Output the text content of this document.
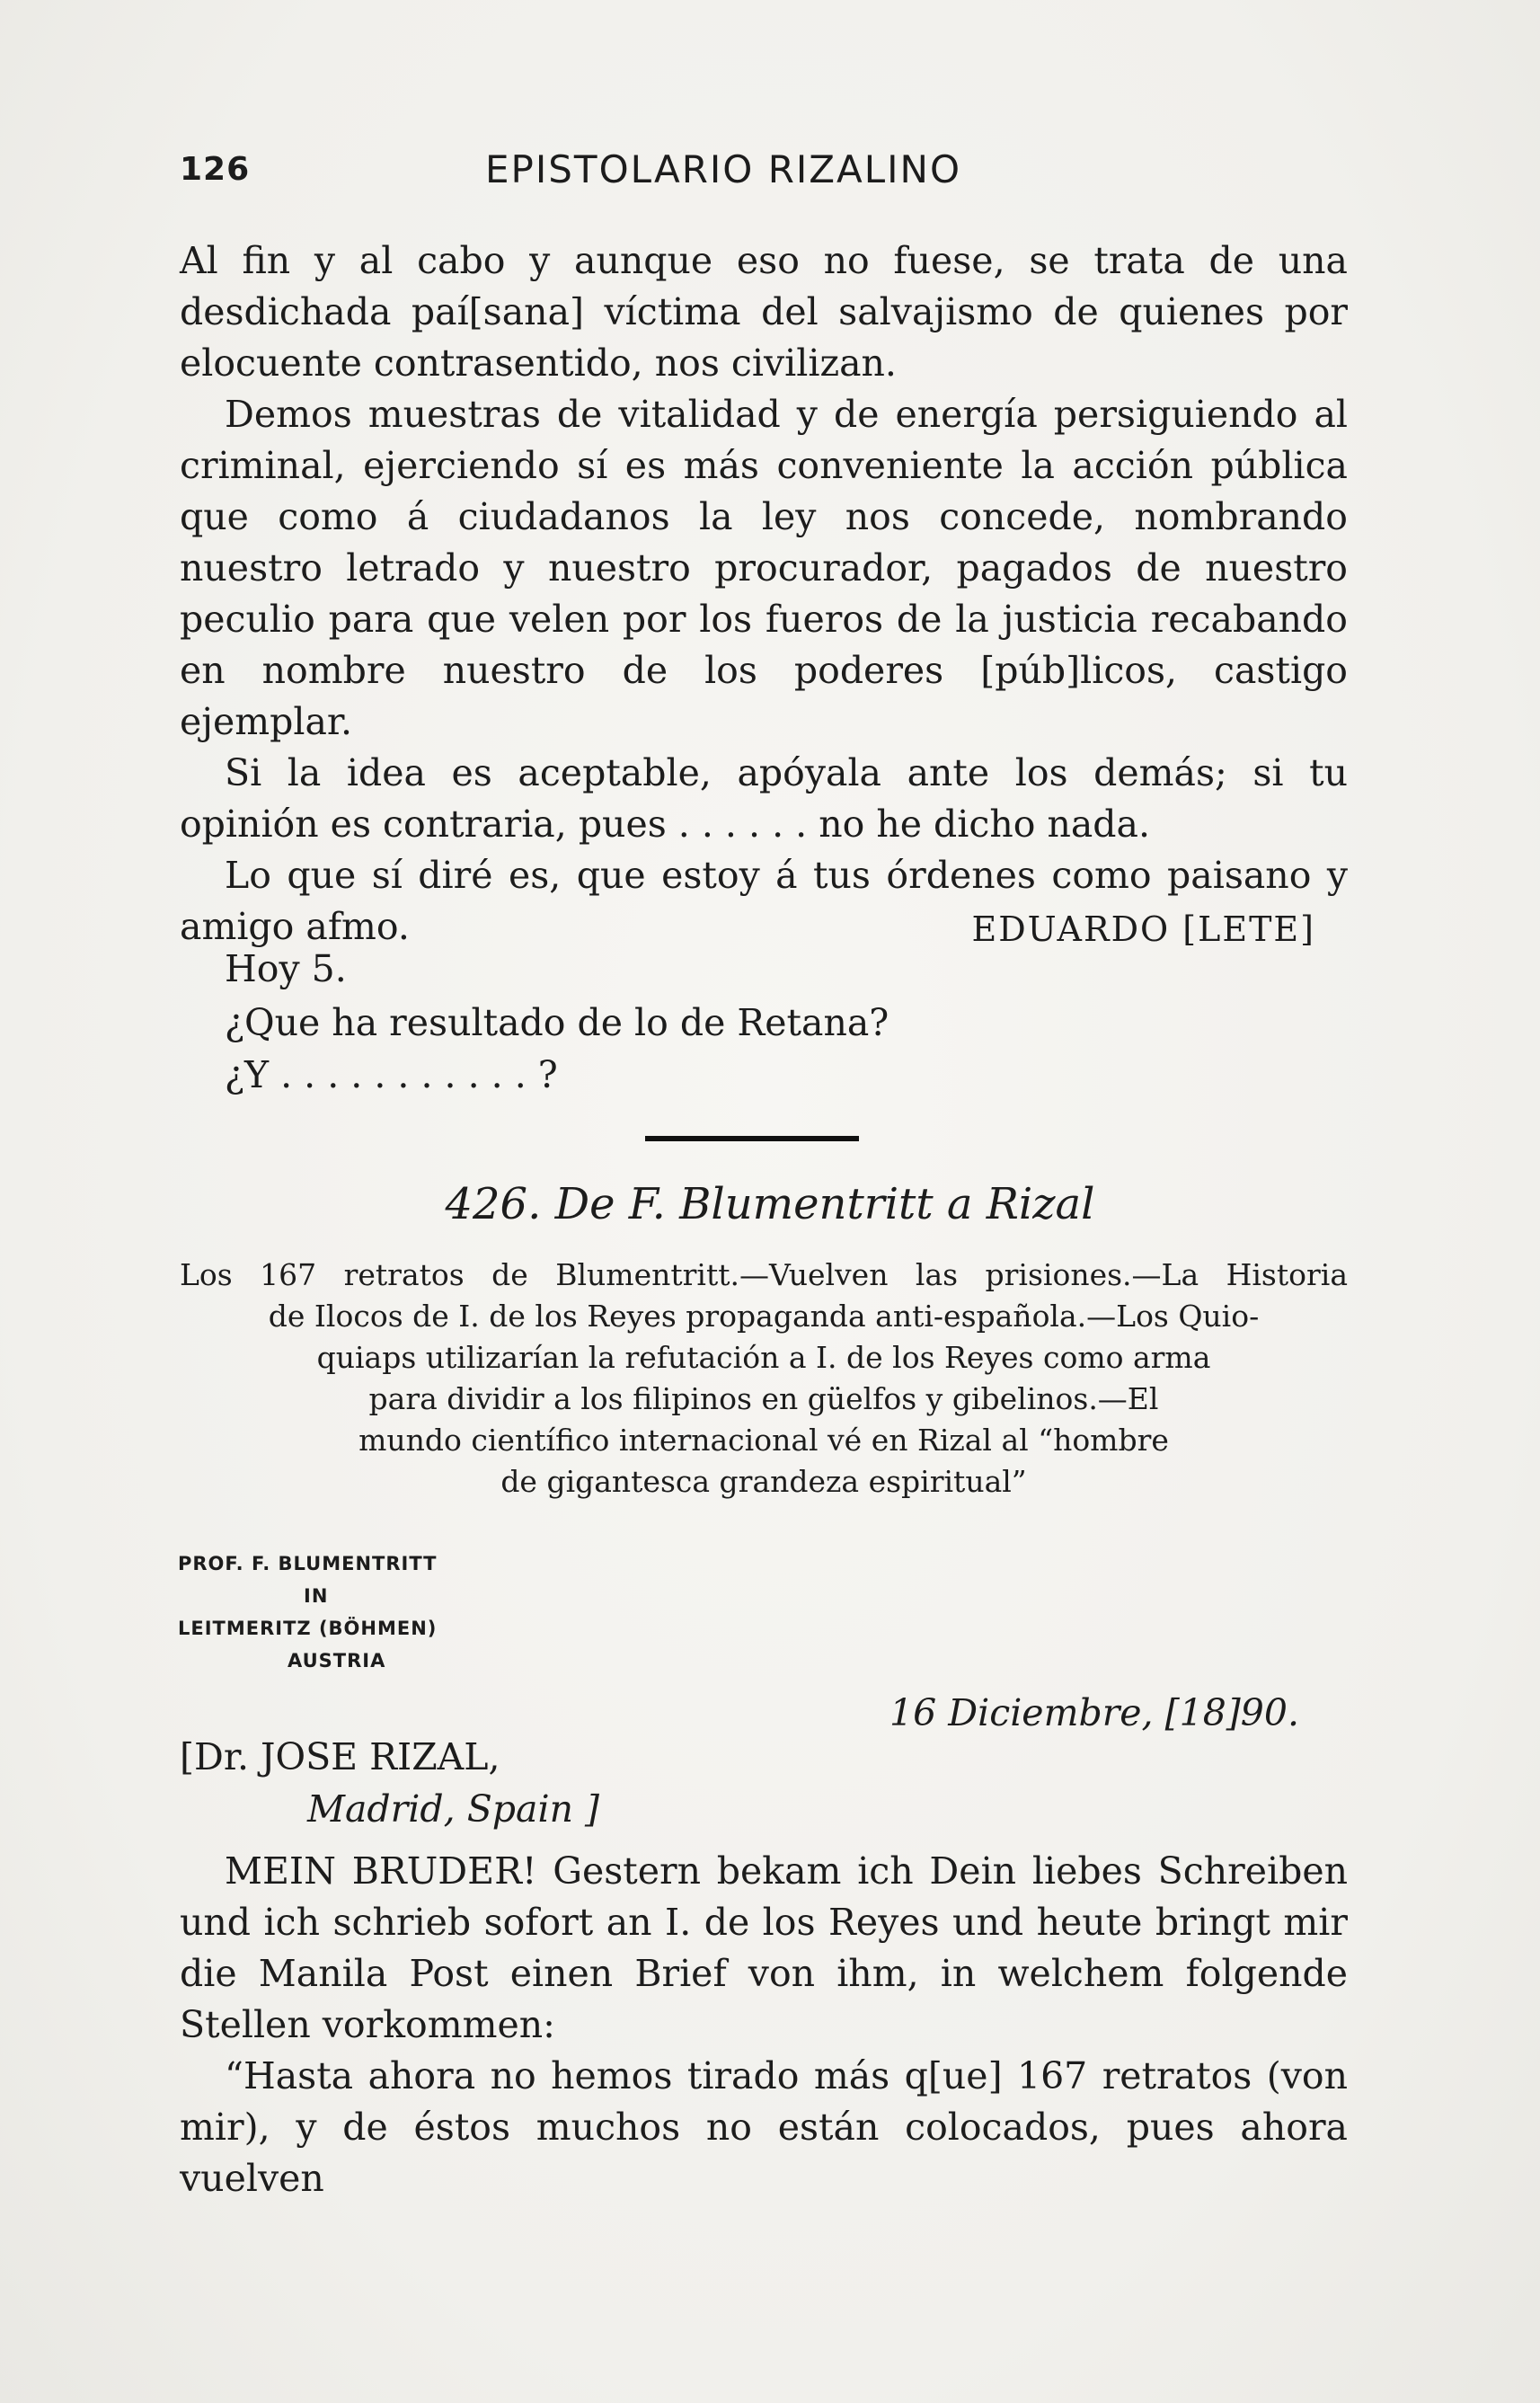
126	EPISTOLARIO RIZALINO

Al fin y al cabo y aunque eso no fuese, se trata de una desdichada paí[sana] víctima del salvajismo de quienes por elocuente contrasentido, nos civilizan.

Demos muestras de vitalidad y de energía persiguiendo al criminal, ejerciendo sí es más conveniente la acción pública que como á ciudadanos la ley nos concede, nombrando nuestro letrado y nuestro procurador, pagados de nuestro peculio para que velen por los fueros de la justicia recabando en nombre nuestro de los poderes [púb]licos, castigo ejemplar.

Si la idea es aceptable, apóyala ante los demás; si tu opinión es contraria, pues . . . . . . no he dicho nada.

Lo que sí diré es, que estoy á tus órdenes como paisano y amigo afmo.	EDUARDO [LETE]
Hoy 5.
¿Que ha resultado de lo de Retana?
¿Y . . . . . . . . . . . ?
426. De F. Blumentritt a Rizal
Los 167 retratos de Blumentritt.—Vuelven las prisiones.—La Historia
de Ilocos de I. de los Reyes propaganda anti-española.—Los Quio-
quiaps utilizarían la refutación a I. de los Reyes como arma
para dividir a los filipinos en güelfos y gibelinos.—El
mundo científico internacional vé en Rizal al “hombre
de gigantesca grandeza espiritual”
PROF. F. BLUMENTRITT
IN
LEITMERITZ (BÖHMEN)
AUSTRIA
16 Diciembre, [18]90.
[Dr. JOSE RIZAL,
Madrid, Spain ]

MEIN BRUDER! Gestern bekam ich Dein liebes Schreiben und ich schrieb sofort an I. de los Reyes und heute bringt mir die Manila Post einen Brief von ihm, in welchem folgende Stellen vorkommen:

“Hasta ahora no hemos tirado más q[ue] 167 retratos (von mir), y de éstos muchos no están colocados, pues ahora vuelven
